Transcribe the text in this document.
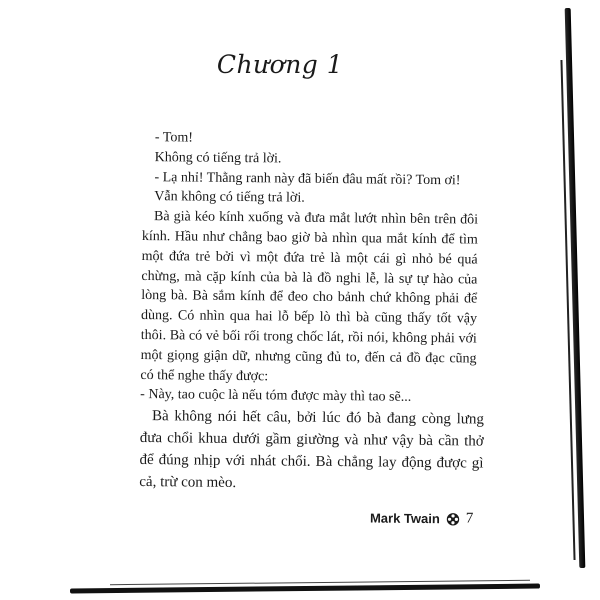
Chương 1

- Tom!

Không có tiếng trả lời.

- Lạ nhỉ! Thằng ranh này đã biến đâu mất rồi? Tom ơi!

Vẫn không có tiếng trả lời.

Bà già kéo kính xuống và đưa mắt lướt nhìn bên trên đôi kính. Hầu như chẳng bao giờ bà nhìn qua mắt kính để tìm một đứa trẻ bởi vì một đứa trẻ là một cái gì nhỏ bé quá chừng, mà cặp kính của bà là đồ nghi lễ, là sự tự hào của lòng bà. Bà sắm kính để đeo cho bảnh chứ không phải để dùng. Có nhìn qua hai lỗ bếp lò thì bà cũng thấy tốt vậy thôi. Bà có vẻ bối rối trong chốc lát, rồi nói, không phải với một giọng giận dữ, nhưng cũng đủ to, đến cả đồ đạc cũng có thể nghe thấy được:

- Này, tao cuộc là nếu tóm được mày thì tao sẽ...

Bà không nói hết câu, bởi lúc đó bà đang còng lưng đưa chổi khua dưới gầm giường và như vậy bà cần thở để đúng nhịp với nhát chổi. Bà chẳng lay động được gì cả, trừ con mèo.

Mark Twain 7
